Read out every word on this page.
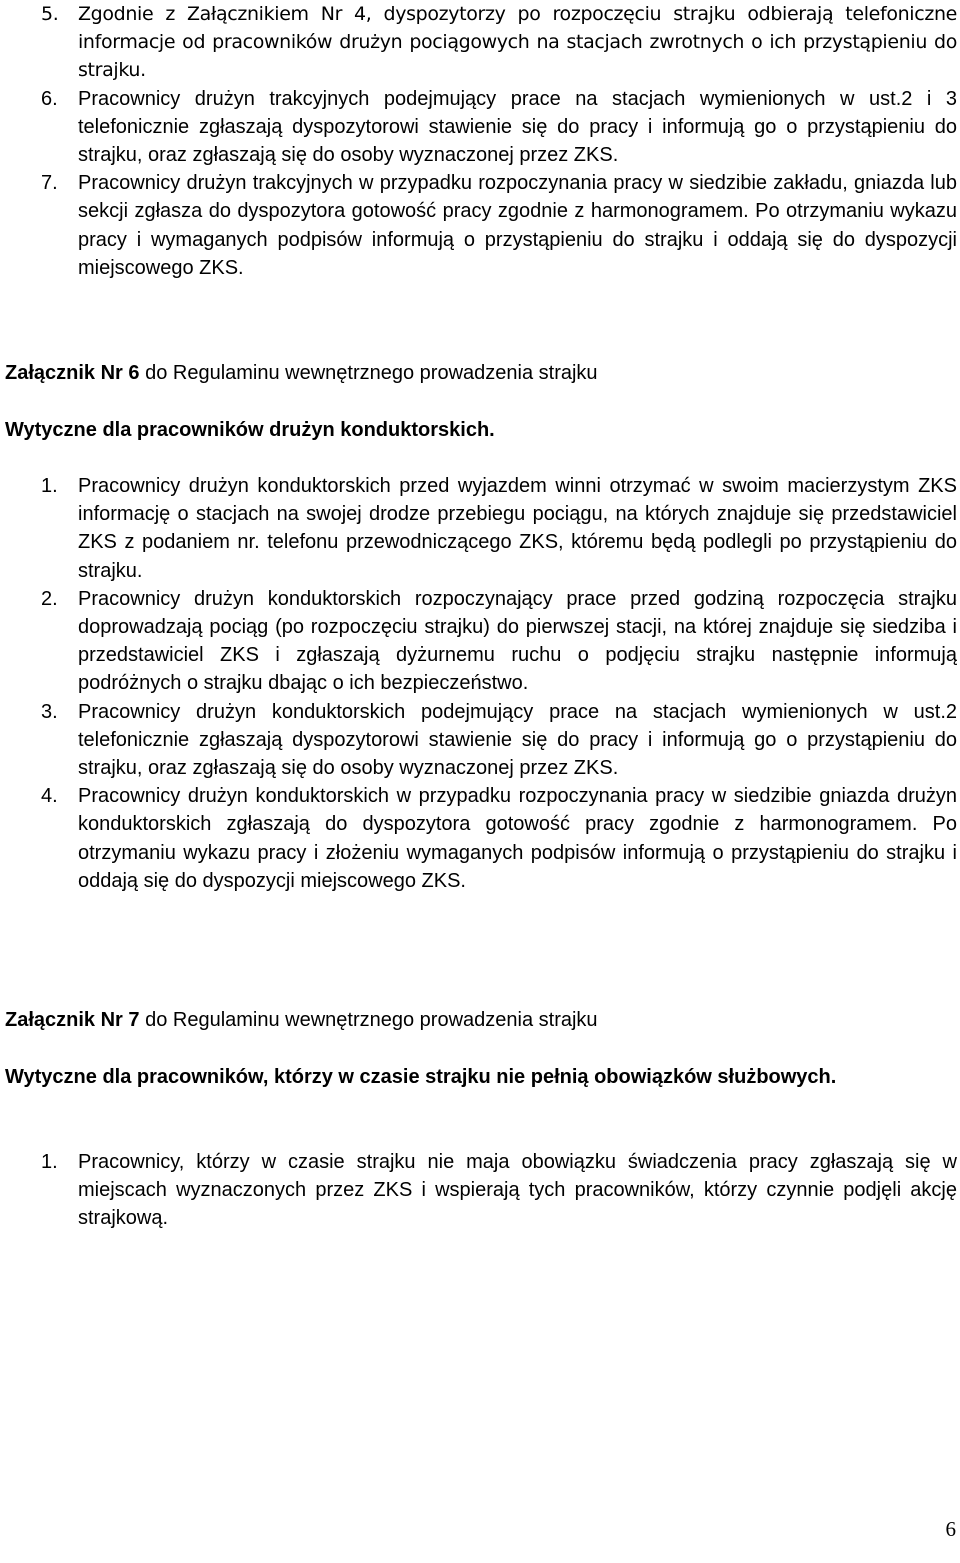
5. Zgodnie z Załącznikiem Nr 4, dyspozytorzy po rozpoczęciu strajku odbierają telefoniczne informacje od pracowników drużyn pociągowych na stacjach zwrotnych o ich przystąpieniu do strajku.
6. Pracownicy drużyn trakcyjnych podejmujący prace na stacjach wymienionych w ust.2 i 3 telefonicznie zgłaszają dyspozytorowi stawienie się do pracy i informują go o przystąpieniu do strajku, oraz zgłaszają się do osoby wyznaczonej przez ZKS.
7. Pracownicy drużyn trakcyjnych w przypadku rozpoczynania pracy w siedzibie zakładu, gniazda lub sekcji zgłasza do dyspozytora gotowość pracy zgodnie z harmonogramem. Po otrzymaniu wykazu pracy i wymaganych podpisów informują o przystąpieniu do strajku i oddają się do dyspozycji miejscowego ZKS.
Załącznik Nr 6 do Regulaminu wewnętrznego prowadzenia strajku
Wytyczne dla pracowników drużyn konduktorskich.
1. Pracownicy drużyn konduktorskich przed wyjazdem winni otrzymać w swoim macierzystym ZKS informację o stacjach na swojej drodze przebiegu pociągu, na których znajduje się przedstawiciel ZKS z podaniem nr. telefonu przewodniczącego ZKS, któremu będą podlegli po przystąpieniu do strajku.
2. Pracownicy drużyn konduktorskich rozpoczynający prace przed godziną rozpoczęcia strajku doprowadzają pociąg (po rozpoczęciu strajku) do pierwszej stacji, na której znajduje się siedziba i przedstawiciel ZKS i zgłaszają dyżurnemu ruchu o podjęciu strajku następnie informują podróżnych o strajku dbając o ich bezpieczeństwo.
3. Pracownicy drużyn konduktorskich podejmujący prace na stacjach wymienionych w ust.2 telefonicznie zgłaszają dyspozytorowi stawienie się do pracy i informują go o przystąpieniu do strajku, oraz zgłaszają się do osoby wyznaczonej przez ZKS.
4. Pracownicy drużyn konduktorskich w przypadku rozpoczynania pracy w siedzibie gniazda drużyn konduktorskich zgłaszają do dyspozytora gotowość pracy zgodnie z harmonogramem. Po otrzymaniu wykazu pracy i złożeniu wymaganych podpisów informują o przystąpieniu do strajku i oddają się do dyspozycji miejscowego ZKS.
Załącznik Nr 7 do Regulaminu wewnętrznego prowadzenia strajku
Wytyczne dla pracowników, którzy w czasie strajku nie pełnią obowiązków służbowych.
1. Pracownicy, którzy w czasie strajku nie maja obowiązku świadczenia pracy zgłaszają się w miejscach wyznaczonych przez ZKS i wspierają tych pracowników, którzy czynnie podjęli akcję strajkową.
6
